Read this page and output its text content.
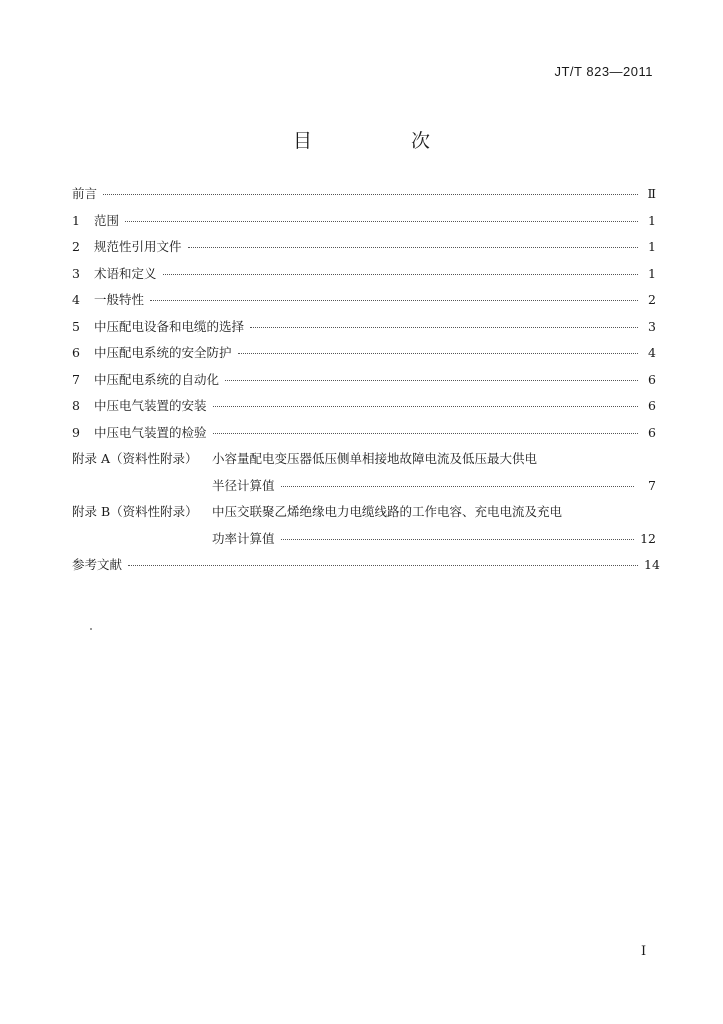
JT/T 823—2011
目　次
前言	Ⅱ
1	范围	1
2	规范性引用文件	1
3	术语和定义	1
4	一般特性	2
5	中压配电设备和电缆的选择	3
6	中压配电系统的安全防护	4
7	中压配电系统的自动化	6
8	中压电气装置的安装	6
9	中压电气装置的检验	6
附录 A（资料性附录）	小容量配电变压器低压侧单相接地故障电流及低压最大供电
半径计算值	7
附录 B（资料性附录）	中压交联聚乙烯绝缘电力电缆线路的工作电容、充电电流及充电
功率计算值	12
参考文献	14
Ⅰ
